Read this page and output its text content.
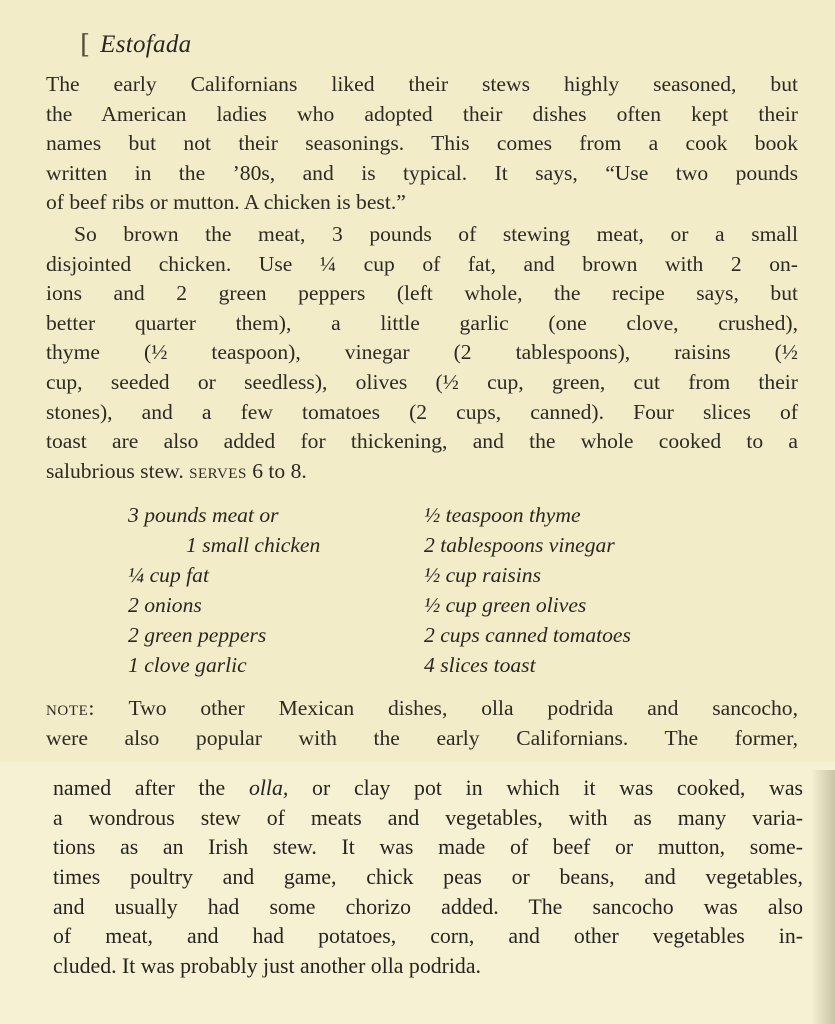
[ Estofada
The early Californians liked their stews highly seasoned, but
the American ladies who adopted their dishes often kept their
names but not their seasonings. This comes from a cook book
written in the ’80s, and is typical. It says, “Use two pounds
of beef ribs or mutton. A chicken is best.”
So brown the meat, 3 pounds of stewing meat, or a small
disjointed chicken. Use ¼ cup of fat, and brown with 2 on-
ions and 2 green peppers (left whole, the recipe says, but
better quarter them), a little garlic (one clove, crushed),
thyme (½ teaspoon), vinegar (2 tablespoons), raisins (½
cup, seeded or seedless), olives (½ cup, green, cut from their
stones), and a few tomatoes (2 cups, canned). Four slices of
toast are also added for thickening, and the whole cooked to a
salubrious stew. serves 6 to 8.
3 pounds meat or
1 small chicken
¼ cup fat
2 onions
2 green peppers
1 clove garlic
½ teaspoon thyme
2 tablespoons vinegar
½ cup raisins
½ cup green olives
2 cups canned tomatoes
4 slices toast
note: Two other Mexican dishes, olla podrida and sancocho,
were also popular with the early Californians. The former,
named after the olla, or clay pot in which it was cooked, was
a wondrous stew of meats and vegetables, with as many varia-
tions as an Irish stew. It was made of beef or mutton, some-
times poultry and game, chick peas or beans, and vegetables,
and usually had some chorizo added. The sancocho was also
of meat, and had potatoes, corn, and other vegetables in-
cluded. It was probably just another olla podrida.
